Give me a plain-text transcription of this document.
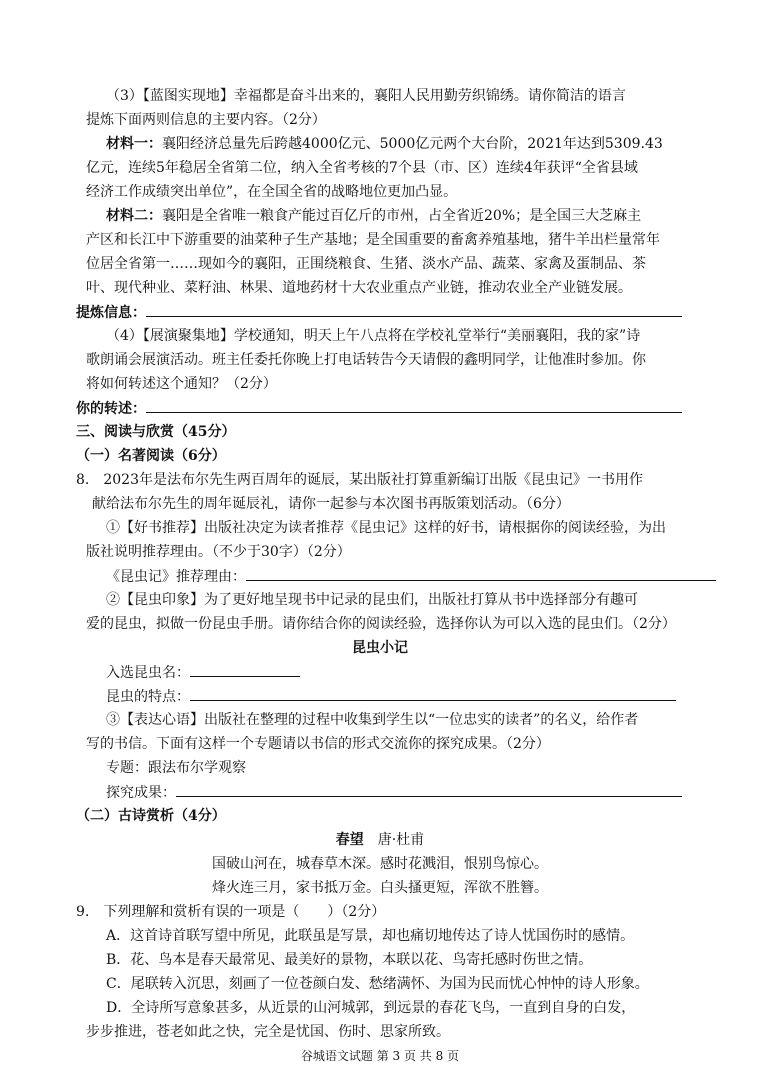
（3）【蓝图实现地】幸福都是奋斗出来的，襄阳人民用勤劳织锦绣。请你简洁的语言
提炼下面两则信息的主要内容。（2分）
材料一：襄阳经济总量先后跨越4000亿元、5000亿元两个大台阶，2021年达到5309.43
亿元，连续5年稳居全省第二位，纳入全省考核的7个县（市、区）连续4年获评“全省县域
经济工作成绩突出单位”，在全国全省的战略地位更加凸显。
材料二：襄阳是全省唯一粮食产能过百亿斤的市州，占全省近20%；是全国三大芝麻主
产区和长江中下游重要的油菜种子生产基地；是全国重要的畜禽养殖基地，猪牛羊出栏量常年
位居全省第一……现如今的襄阳，正围绕粮食、生猪、淡水产品、蔬菜、家禽及蛋制品、茶
叶、现代种业、菜籽油、林果、道地药材十大农业重点产业链，推动农业全产业链发展。
提炼信息：
（4）【展演聚集地】学校通知，明天上午八点将在学校礼堂举行“美丽襄阳，我的家”诗
歌朗诵会展演活动。班主任委托你晚上打电话转告今天请假的鑫明同学，让他准时参加。你
将如何转述这个通知？（2分）
你的转述：
三、阅读与欣赏（45分）
（一）名著阅读（6分）
8.　2023年是法布尔先生两百周年的诞辰，某出版社打算重新编订出版《昆虫记》一书用作
献给法布尔先生的周年诞辰礼，请你一起参与本次图书再版策划活动。（6分）
①【好书推荐】出版社决定为读者推荐《昆虫记》这样的好书，请根据你的阅读经验，为出
版社说明推荐理由。（不少于30字）（2分）
《昆虫记》推荐理由：
②【昆虫印象】为了更好地呈现书中记录的昆虫们，出版社打算从书中选择部分有趣可
爱的昆虫，拟做一份昆虫手册。请你结合你的阅读经验，选择你认为可以入选的昆虫们。（2分）
昆虫小记
入选昆虫名：
昆虫的特点：
③【表达心语】出版社在整理的过程中收集到学生以“一位忠实的读者”的名义，给作者
写的书信。下面有这样一个专题请以书信的形式交流你的探究成果。（2分）
专题：跟法布尔学观察
探究成果：
（二）古诗赏析（4分）
春望 唐·杜甫
国破山河在，城春草木深。感时花溅泪，恨别鸟惊心。
烽火连三月，家书抵万金。白头搔更短，浑欲不胜簪。
9.　下列理解和赏析有误的一项是（　　）（2分）
A．这首诗首联写望中所见，此联虽是写景，却也痛切地传达了诗人忧国伤时的感情。
B．花、鸟本是春天最常见、最美好的景物，本联以花、鸟寄托感时伤世之情。
C．尾联转入沉思，刻画了一位苍颜白发、愁绪满怀、为国为民而忧心忡忡的诗人形象。
D．全诗所写意象甚多，从近景的山河城郭，到远景的春花飞鸟，一直到自身的白发，
步步推进，苍老如此之快，完全是忧国、伤时、思家所致。
谷城语文试题 第 3 页 共 8 页
